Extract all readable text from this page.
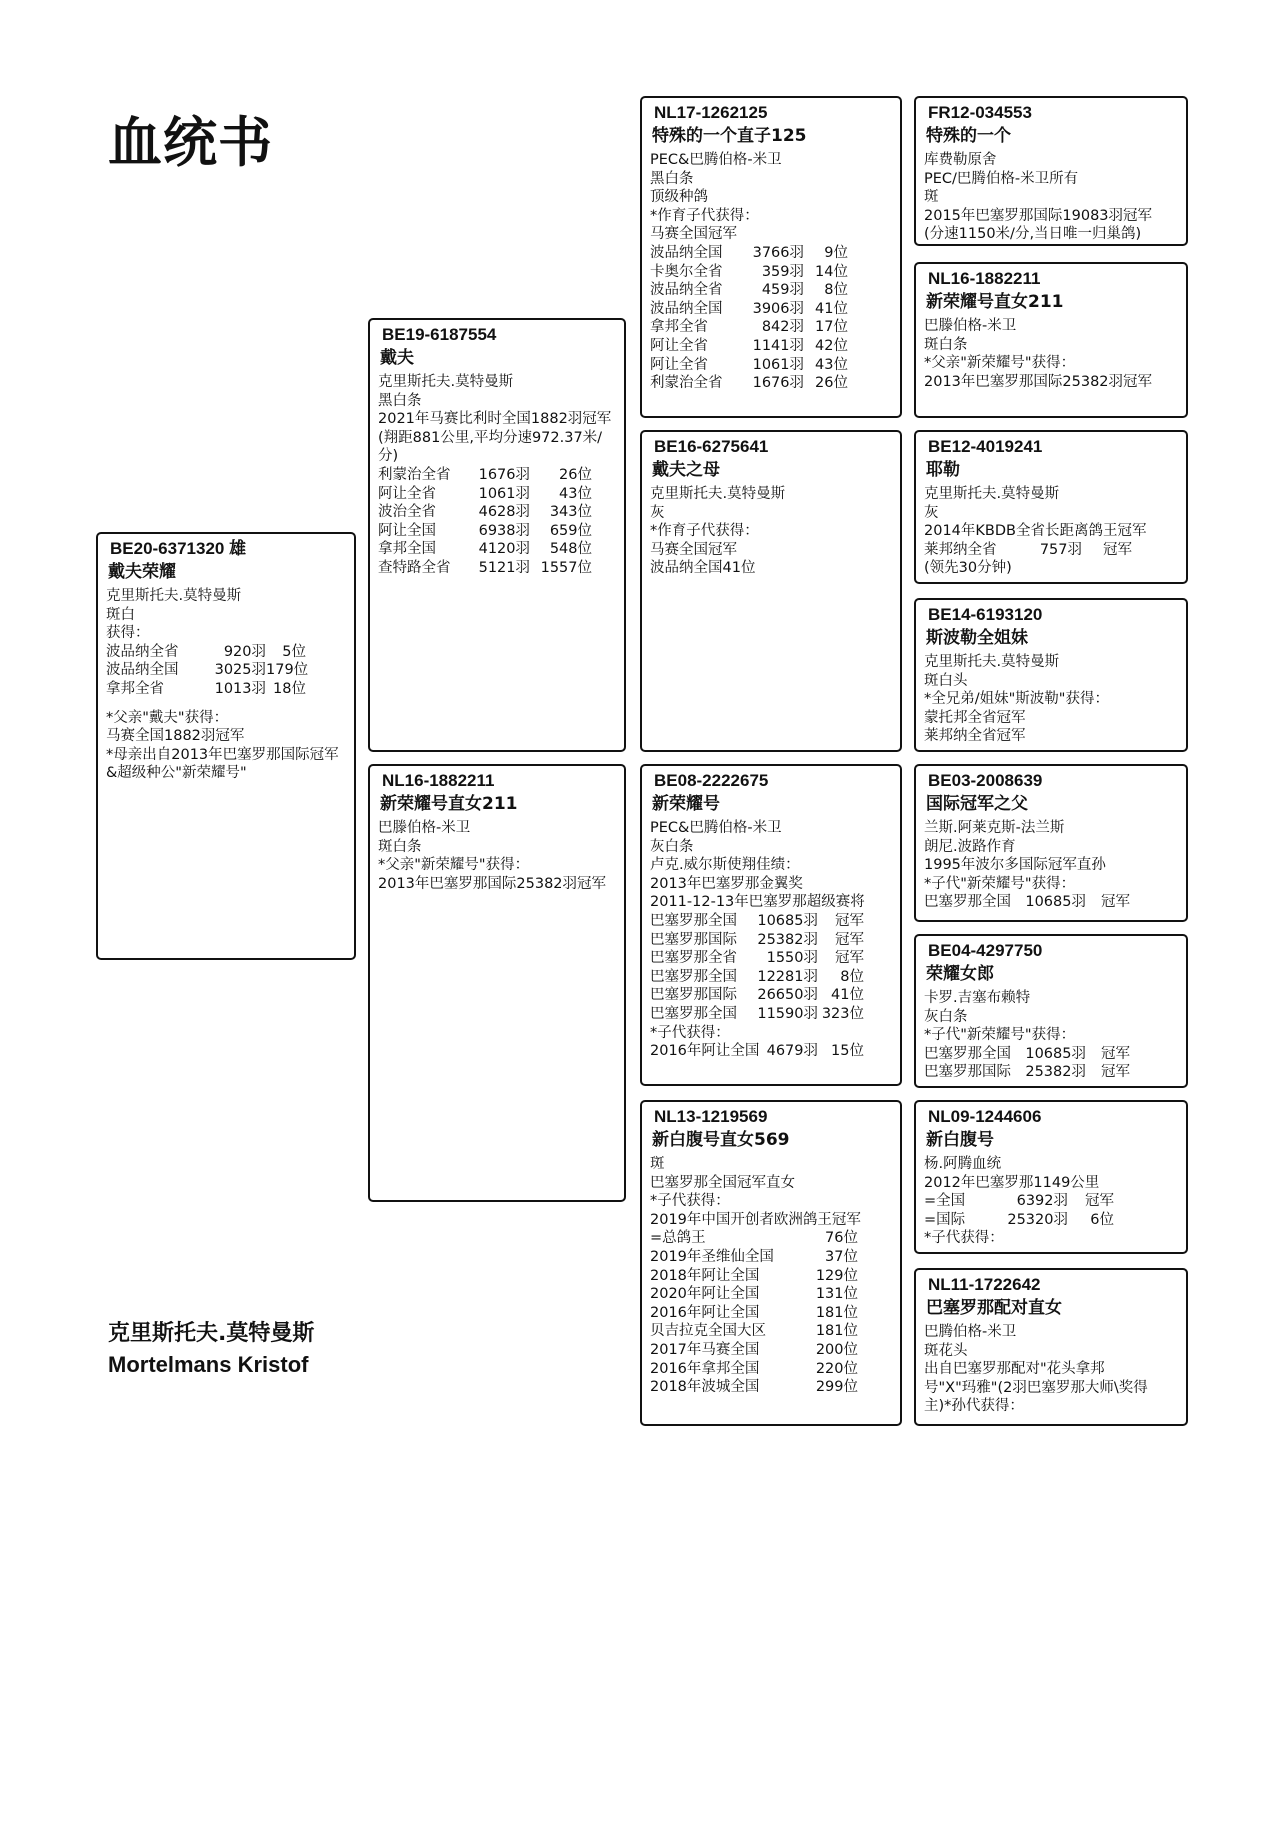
血统书
BE20-6371320 雄
戴夫荣耀
克里斯托夫.莫特曼斯
斑白
获得：
波品纳全省	920羽	5位
波品纳全国	3025羽 179位
拿邦全省	1013羽 18位
*父亲"戴夫"获得：
马赛全国1882羽冠军
*母亲出自2013年巴塞罗那国际冠军
&超级种公"新荣耀号"
BE19-6187554
戴夫
克里斯托夫.莫特曼斯
黑白条
2021年马赛比利时全国1882羽冠军
(翔距881公里,平均分速972.37米/
分)
利蒙治全省	1676羽	26位
阿让全省	1061羽	43位
波治全省	4628羽	343位
阿让全国	6938羽	659位
拿邦全国	4120羽	548位
查特路全省	5121羽 1557位
NL16-1882211
新荣耀号直女211
巴滕伯格-米卫
斑白条
*父亲"新荣耀号"获得：
2013年巴塞罗那国际25382羽冠军
NL17-1262125
特殊的一个直子125
PEC&巴腾伯格-米卫
黑白条
顶级种鸽
*作育子代获得：
马赛全国冠军
波品纳全国	3766羽	9位
卡奥尔全省	359羽 14位
波品纳全省	459羽	8位
波品纳全国	3906羽 41位
拿邦全省	842羽 17位
阿让全省	1141羽 42位
阿让全省	1061羽 43位
利蒙治全省	1676羽 26位
BE16-6275641
戴夫之母
克里斯托夫.莫特曼斯
灰
*作育子代获得：
马赛全国冠军
波品纳全国41位
BE08-2222675
新荣耀号
PEC&巴腾伯格-米卫
灰白条
卢克.威尔斯使翔佳绩：
2013年巴塞罗那金翼奖
2011-12-13年巴塞罗那超级赛将
巴塞罗那全国	10685羽	冠军
巴塞罗那国际	25382羽	冠军
巴塞罗那全省	1550羽	冠军
巴塞罗那全国	12281羽	8位
巴塞罗那国际	26650羽 41位
巴塞罗那全国	11590羽 323位
*子代获得：
2016年阿让全国 4679羽 15位
NL13-1219569
新白腹号直女569
斑
巴塞罗那全国冠军直女
*子代获得：
2019年中国开创者欧洲鸽王冠军
=总鸽王	76位
2019年圣维仙全国	37位
2018年阿让全国	129位
2020年阿让全国	131位
2016年阿让全国	181位
贝吉拉克全国大区	181位
2017年马赛全国	200位
2016年拿邦全国	220位
2018年波城全国	299位
FR12-034553
特殊的一个
库费勒原舍
PEC/巴腾伯格-米卫所有
斑
2015年巴塞罗那国际19083羽冠军
(分速1150米/分,当日唯一归巢鸽)
NL16-1882211
新荣耀号直女211
巴滕伯格-米卫
斑白条
*父亲"新荣耀号"获得：
2013年巴塞罗那国际25382羽冠军
BE12-4019241
耶勒
克里斯托夫.莫特曼斯
灰
2014年KBDB全省长距离鸽王冠军
莱邦纳全省	757羽	冠军
(领先30分钟)
BE14-6193120
斯波勒全姐妹
克里斯托夫.莫特曼斯
斑白头
*全兄弟/姐妹"斯波勒"获得：
蒙托邦全省冠军
莱邦纳全省冠军
BE03-2008639
国际冠军之父
兰斯.阿莱克斯-法兰斯
朗尼.波路作育
1995年波尔多国际冠军直孙
*子代"新荣耀号"获得：
巴塞罗那全国 10685羽	冠军
BE04-4297750
荣耀女郎
卡罗.吉塞布赖特
灰白条
*子代"新荣耀号"获得：
巴塞罗那全国 10685羽	冠军
巴塞罗那国际 25382羽	冠军
NL09-1244606
新白腹号
杨.阿腾血统
2012年巴塞罗那1149公里
=全国	6392羽	冠军
=国际	25320羽	6位
*子代获得：
NL11-1722642
巴塞罗那配对直女
巴腾伯格-米卫
斑花头
出自巴塞罗那配对"花头拿邦
号"X"玛雅"(2羽巴塞罗那大师\奖得
主)*孙代获得：
克里斯托夫.莫特曼斯
Mortelmans Kristof
